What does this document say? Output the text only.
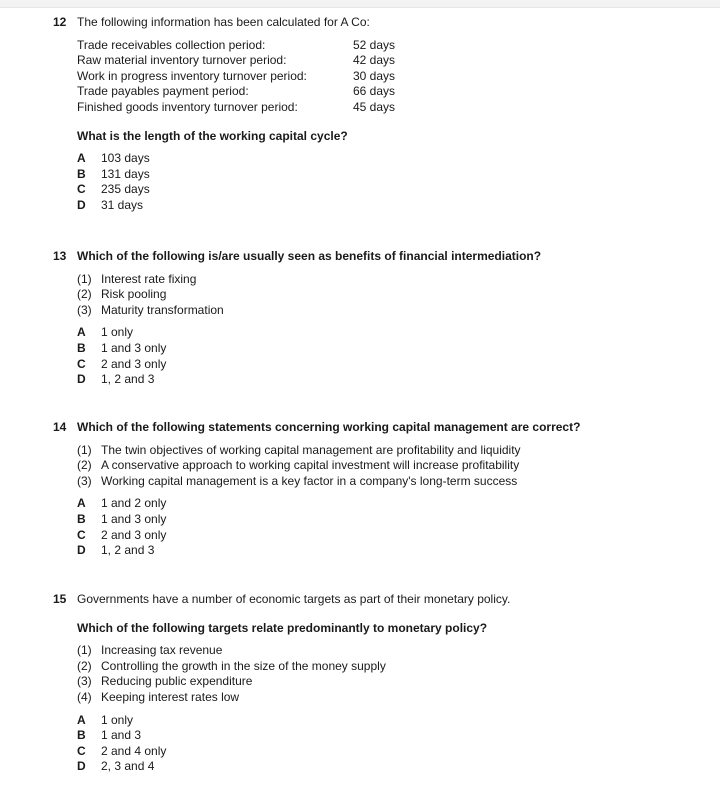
12 The following information has been calculated for A Co:
Trade receivables collection period:	52 days
Raw material inventory turnover period:	42 days
Work in progress inventory turnover period:	30 days
Trade payables payment period:	66 days
Finished goods inventory turnover period:	45 days
What is the length of the working capital cycle?
A	103 days
B	131 days
C	235 days
D	31 days
13 Which of the following is/are usually seen as benefits of financial intermediation?
(1) Interest rate fixing
(2) Risk pooling
(3) Maturity transformation
A	1 only
B	1 and 3 only
C	2 and 3 only
D	1, 2 and 3
14 Which of the following statements concerning working capital management are correct?
(1) The twin objectives of working capital management are profitability and liquidity
(2) A conservative approach to working capital investment will increase profitability
(3) Working capital management is a key factor in a company's long-term success
A	1 and 2 only
B	1 and 3 only
C	2 and 3 only
D	1, 2 and 3
15 Governments have a number of economic targets as part of their monetary policy.
Which of the following targets relate predominantly to monetary policy?
(1) Increasing tax revenue
(2) Controlling the growth in the size of the money supply
(3) Reducing public expenditure
(4) Keeping interest rates low
A	1 only
B	1 and 3
C	2 and 4 only
D	2, 3 and 4
